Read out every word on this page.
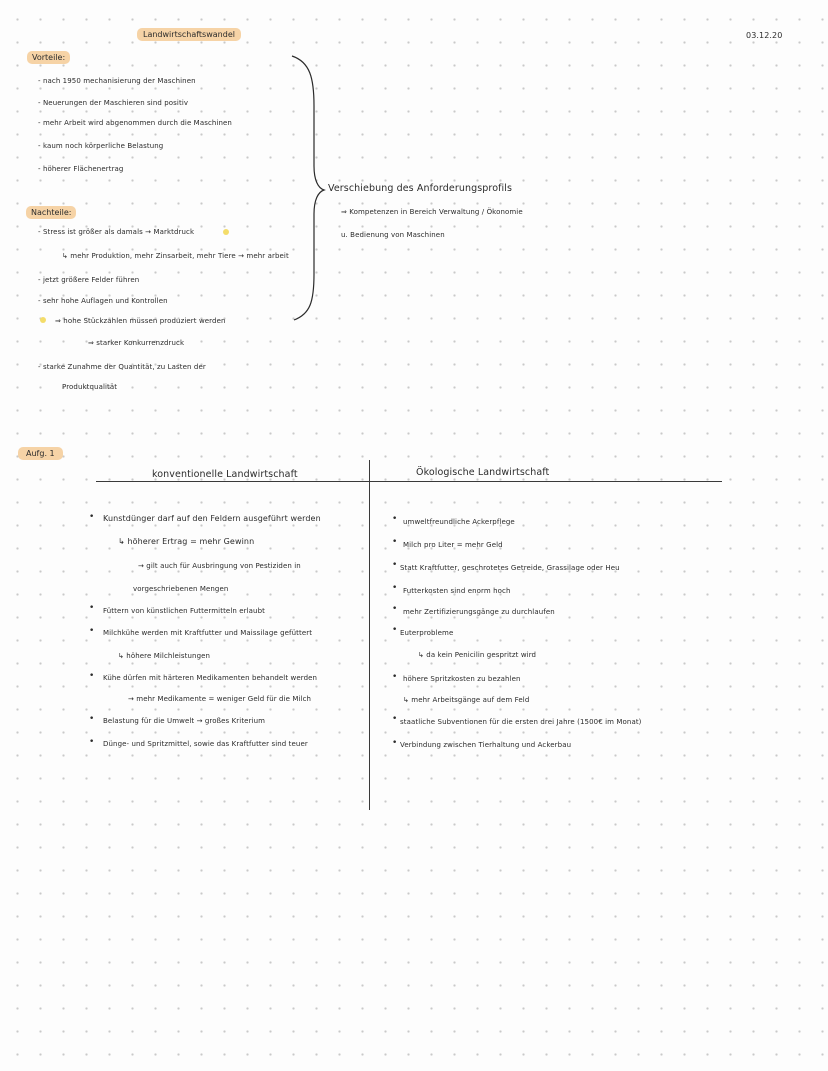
Landwirtschaftswandel	03.12.20
Vorteile:
- nach 1950 mechanisierung der Maschinen
- Neuerungen der Maschieren sind positiv
- mehr Arbeit wird abgenommen durch die Maschinen
- kaum noch körperliche Belastung
- höherer Flächenertrag
Nachteile:
- Stress ist größer als damals → Marktdruck
↳ mehr Produktion, mehr Zinsarbeit, mehr Tiere → mehr arbeit
- jetzt größere Felder führen
- sehr hohe Auflagen und Kontrollen
⇒ hohe Stückzahlen müssen produziert werden
⇒ starker Konkurrenzdruck
- starke Zunahme der Quantität, zu Lasten der
Produktqualität
Verschiebung des Anforderungsprofils
⇒ Kompetenzen in Bereich Verwaltung / Ökonomie
u. Bedienung von Maschinen
Aufg. 1
konventionelle Landwirtschaft	Ökologische Landwirtschaft
• Kunstdünger darf auf den Feldern ausgeführt werden
↳ höherer Ertrag = mehr Gewinn
→ gilt auch für Ausbringung von Pestiziden in
vorgeschriebenen Mengen
• Füttern von künstlichen Futtermitteln erlaubt
• Milchkühe werden mit Kraftfutter und Maissilage gefüttert
↳ höhere Milchleistungen
• Kühe dürfen mit härteren Medikamenten behandelt werden
→ mehr Medikamente = weniger Geld für die Milch
• Belastung für die Umwelt → großes Kriterium
• Dünge- und Spritzmittel, sowie das Kraftfutter sind teuer
• umweltfreundliche Ackerpflege
• Milch pro Liter = mehr Geld
• Statt Kraftfutter, geschrotetes Getreide, Grassilage oder Heu
• Futterkosten sind enorm hoch
• mehr Zertifizierungsgänge zu durchlaufen
• Euterprobleme
↳ da kein Penicilin gespritzt wird
• höhere Spritzkosten zu bezahlen
↳ mehr Arbeitsgänge auf dem Feld
• staatliche Subventionen für die ersten drei Jahre (1500€ im Monat)
• Verbindung zwischen Tierhaltung und Ackerbau
